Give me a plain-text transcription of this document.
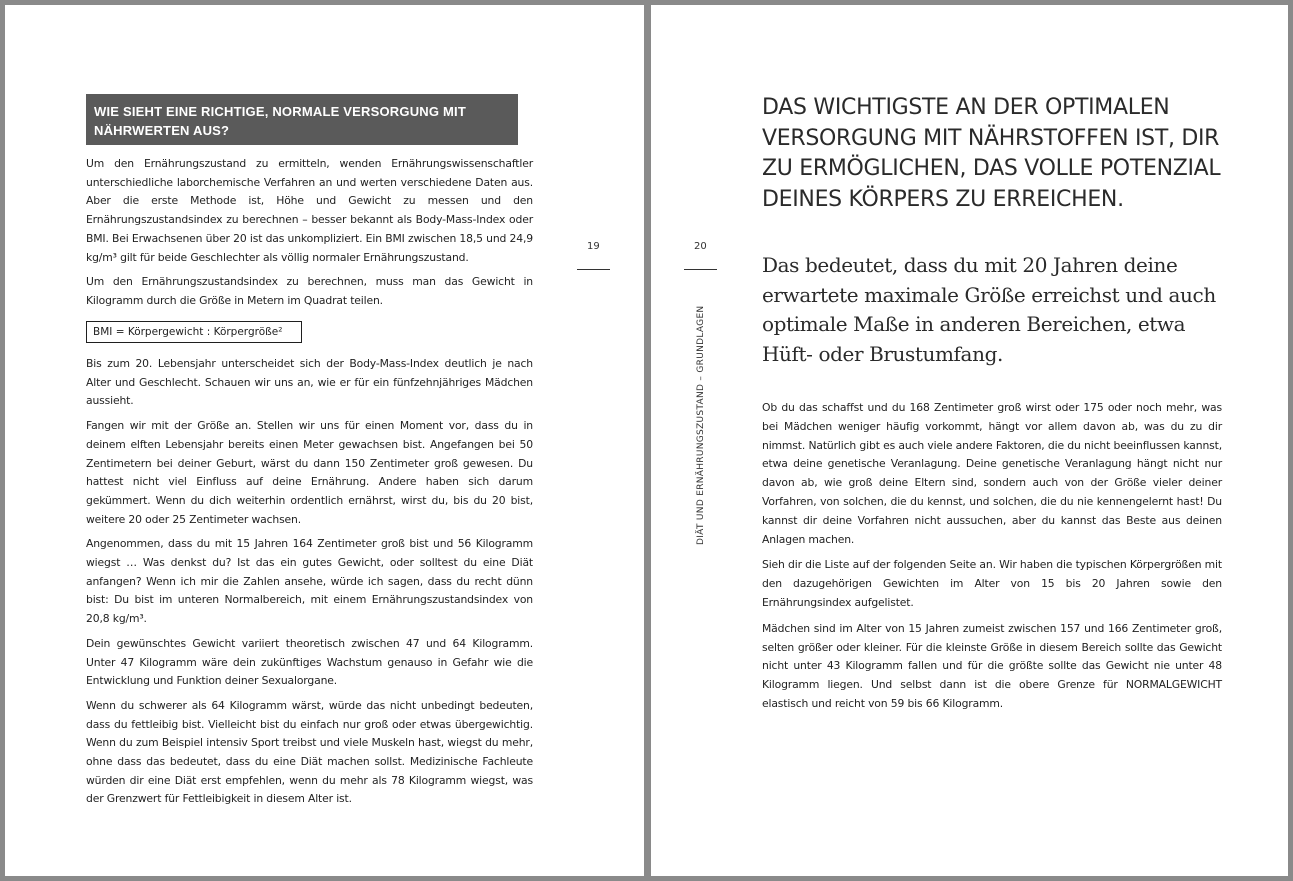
WIE SIEHT EINE RICHTIGE, NORMALE VERSORGUNG MIT NÄHRWERTEN AUS?

Um den Ernährungszustand zu ermitteln, wenden Ernährungswissenschaftler unterschiedliche laborchemische Verfahren an und werten verschiedene Daten aus. Aber die erste Methode ist, Höhe und Gewicht zu messen und den Ernährungszustandsindex zu berechnen – besser bekannt als Body-Mass-Index oder BMI. Bei Erwachsenen über 20 ist das unkompliziert. Ein BMI zwischen 18,5 und 24,9 kg/m³ gilt für beide Geschlechter als völlig normaler Ernährungszustand.

Um den Ernährungszustandsindex zu berechnen, muss man das Gewicht in Kilogramm durch die Größe in Metern im Quadrat teilen.

BMI = Körpergewicht : Körpergröße²

Bis zum 20. Lebensjahr unterscheidet sich der Body-Mass-Index deutlich je nach Alter und Geschlecht. Schauen wir uns an, wie er für ein fünfzehnjähriges Mädchen aussieht.

Fangen wir mit der Größe an. Stellen wir uns für einen Moment vor, dass du in deinem elften Lebensjahr bereits einen Meter gewachsen bist. Angefangen bei 50 Zentimetern bei deiner Geburt, wärst du dann 150 Zentimeter groß gewesen. Du hattest nicht viel Einfluss auf deine Ernährung. Andere haben sich darum gekümmert. Wenn du dich weiterhin ordentlich ernährst, wirst du, bis du 20 bist, weitere 20 oder 25 Zentimeter wachsen.

Angenommen, dass du mit 15 Jahren 164 Zentimeter groß bist und 56 Kilogramm wiegst … Was denkst du? Ist das ein gutes Gewicht, oder solltest du eine Diät anfangen? Wenn ich mir die Zahlen ansehe, würde ich sagen, dass du recht dünn bist: Du bist im unteren Normalbereich, mit einem Ernährungszustandsindex von 20,8 kg/m³.

Dein gewünschtes Gewicht variiert theoretisch zwischen 47 und 64 Kilogramm. Unter 47 Kilogramm wäre dein zukünftiges Wachstum genauso in Gefahr wie die Entwicklung und Funktion deiner Sexualorgane.

Wenn du schwerer als 64 Kilogramm wärst, würde das nicht unbedingt bedeuten, dass du fettleibig bist. Vielleicht bist du einfach nur groß oder etwas übergewichtig. Wenn du zum Beispiel intensiv Sport treibst und viele Muskeln hast, wiegst du mehr, ohne dass das bedeutet, dass du eine Diät machen sollst. Medizinische Fachleute würden dir eine Diät erst empfehlen, wenn du mehr als 78 Kilogramm wiegst, was der Grenzwert für Fettleibigkeit in diesem Alter ist.

19	20
DIÄT UND ERNÄHRUNGSZUSTAND – GRUNDLAGEN
DAS WICHTIGSTE AN DER OPTIMALEN VERSORGUNG MIT NÄHRSTOFFEN IST, DIR ZU ERMÖGLICHEN, DAS VOLLE POTENZIAL DEINES KÖRPERS ZU ERREICHEN.
Das bedeutet, dass du mit 20 Jahren deine erwartete maximale Größe erreichst und auch optimale Maße in anderen Bereichen, etwa Hüft- oder Brustumfang.

Ob du das schaffst und du 168 Zentimeter groß wirst oder 175 oder noch mehr, was bei Mädchen weniger häufig vorkommt, hängt vor allem davon ab, was du zu dir nimmst. Natürlich gibt es auch viele andere Faktoren, die du nicht beeinflussen kannst, etwa deine genetische Veranlagung. Deine genetische Veranlagung hängt nicht nur davon ab, wie groß deine Eltern sind, sondern auch von der Größe vieler deiner Vorfahren, von solchen, die du kennst, und solchen, die du nie kennengelernt hast! Du kannst dir deine Vorfahren nicht aussuchen, aber du kannst das Beste aus deinen Anlagen machen.

Sieh dir die Liste auf der folgenden Seite an. Wir haben die typischen Körpergrößen mit den dazugehörigen Gewichten im Alter von 15 bis 20 Jahren sowie den Ernährungsindex aufgelistet.

Mädchen sind im Alter von 15 Jahren zumeist zwischen 157 und 166 Zentimeter groß, selten größer oder kleiner. Für die kleinste Größe in diesem Bereich sollte das Gewicht nicht unter 43 Kilogramm fallen und für die größte sollte das Gewicht nie unter 48 Kilogramm liegen. Und selbst dann ist die obere Grenze für NORMALGEWICHT elastisch und reicht von 59 bis 66 Kilogramm.
